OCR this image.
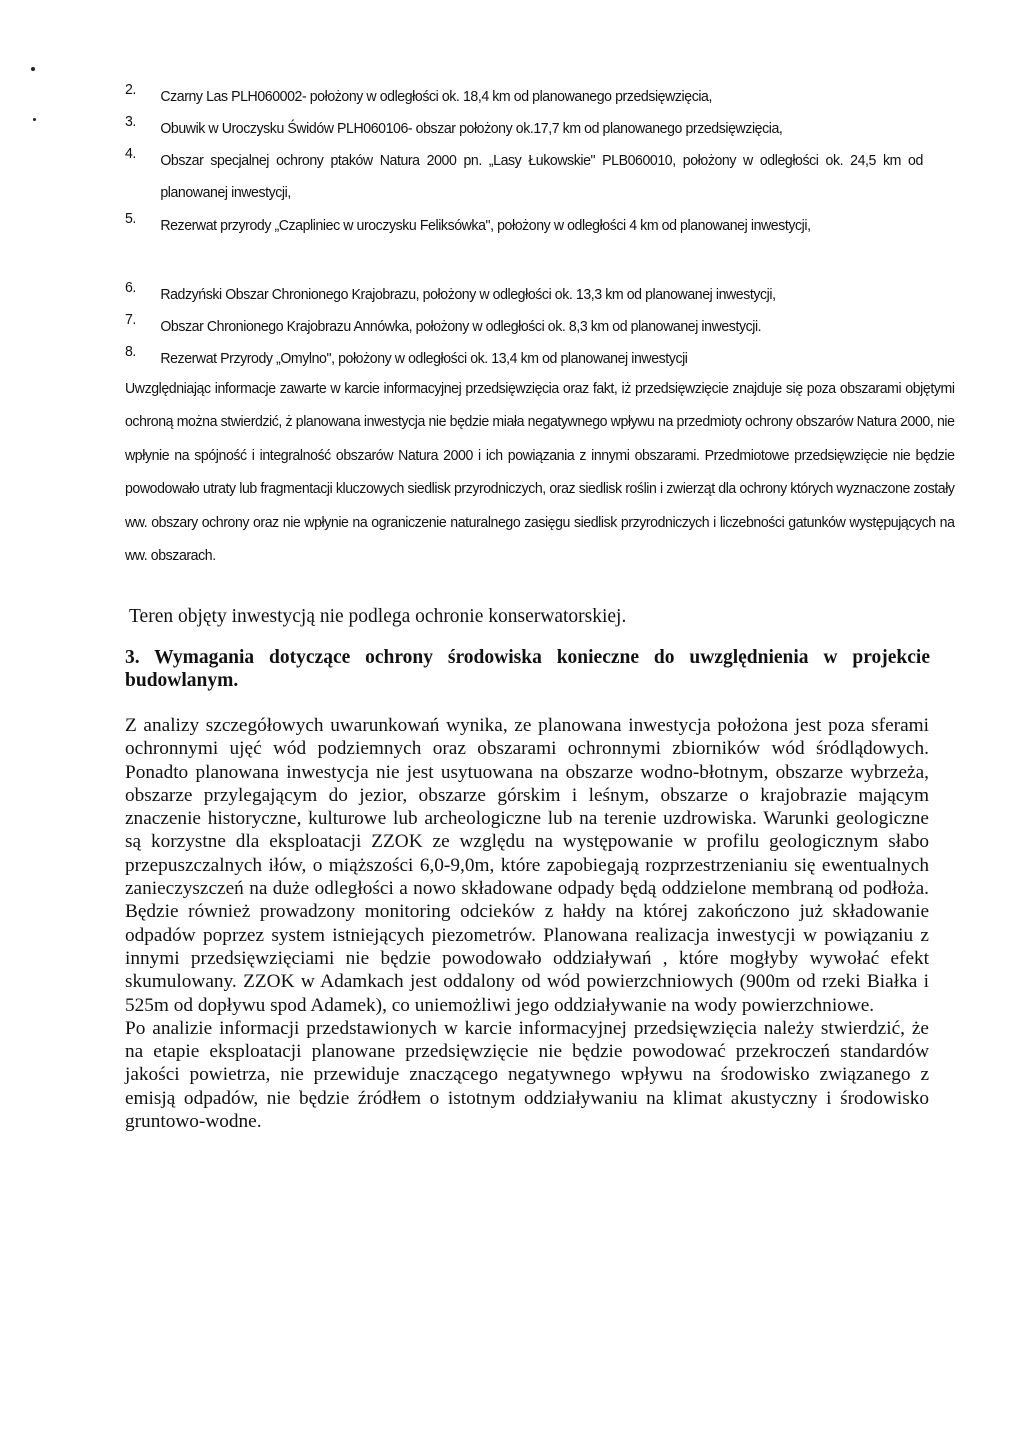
2. Czarny Las PLH060002- położony w odległości ok. 18,4 km od planowanego przedsięwzięcia,
3. Obuwik w Uroczysku Świdów PLH060106- obszar położony ok.17,7 km od planowanego przedsięwzięcia,
4. Obszar specjalnej ochrony ptaków Natura 2000 pn. „Lasy Łukowskie" PLB060010, położony w odległości ok. 24,5 km od planowanej inwestycji,
5. Rezerwat przyrody „Czapliniec w uroczysku Feliksówka", położony w odległości 4 km od planowanej inwestycji,
6. Radzyński Obszar Chronionego Krajobrazu, położony w odległości ok. 13,3 km od planowanej inwestycji,
7. Obszar Chronionego Krajobrazu Annówka, położony w odległości ok. 8,3 km od planowanej inwestycji.
8. Rezerwat Przyrody „Omylno", położony w odległości ok. 13,4 km od planowanej inwestycji
Uwzględniając informacje zawarte w karcie informacyjnej przedsięwzięcia oraz fakt, iż przedsięwzięcie znajduje się poza obszarami objętymi ochroną można stwierdzić, ż planowana inwestycja nie będzie miała negatywnego wpływu na przedmioty ochrony obszarów Natura 2000, nie wpłynie na spójność i integralność obszarów Natura 2000 i ich powiązania z innymi obszarami. Przedmiotowe przedsięwzięcie nie będzie powodowało utraty lub fragmentacji kluczowych siedlisk przyrodniczych, oraz siedlisk roślin i zwierząt dla ochrony których wyznaczone zostały ww. obszary ochrony oraz nie wpłynie na ograniczenie naturalnego zasięgu siedlisk przyrodniczych i liczebności gatunków występujących na ww. obszarach.
Teren objęty inwestycją nie podlega ochronie konserwatorskiej.
3. Wymagania dotyczące ochrony środowiska konieczne do uwzględnienia w projekcie budowlanym.

Z analizy szczegółowych uwarunkowań wynika, ze planowana inwestycja położona jest poza sferami ochronnymi ujęć wód podziemnych oraz obszarami ochronnymi zbiorników wód śródlądowych. Ponadto planowana inwestycja nie jest usytuowana na obszarze wodno-błotnym, obszarze wybrzeża, obszarze przylegającym do jezior, obszarze górskim i leśnym, obszarze o krajobrazie mającym znaczenie historyczne, kulturowe lub archeologiczne lub na terenie uzdrowiska. Warunki geologiczne są korzystne dla eksploatacji ZZOK ze względu na występowanie w profilu geologicznym słabo przepuszczalnych iłów, o miąższości 6,0-9,0m, które zapobiegają rozprzestrzenianiu się ewentualnych zanieczyszczeń na duże odległości a nowo składowane odpady będą oddzielone membraną od podłoża. Będzie również prowadzony monitoring odcieków z hałdy na której zakończono już składowanie odpadów poprzez system istniejących piezometrów. Planowana realizacja inwestycji w powiązaniu z innymi przedsięwzięciami nie będzie powodowało oddziaływań , które mogłyby wywołać efekt skumulowany. ZZOK w Adamkach jest oddalony od wód powierzchniowych (900m od rzeki Białka i 525m od dopływu spod Adamek), co uniemożliwi jego oddziaływanie na wody powierzchniowe.

Po analizie informacji przedstawionych w karcie informacyjnej przedsięwzięcia należy stwierdzić, że na etapie eksploatacji planowane przedsięwzięcie nie będzie powodować przekroczeń standardów jakości powietrza, nie przewiduje znaczącego negatywnego wpływu na środowisko związanego z emisją odpadów, nie będzie źródłem o istotnym oddziaływaniu na klimat akustyczny i środowisko gruntowo-wodne.
